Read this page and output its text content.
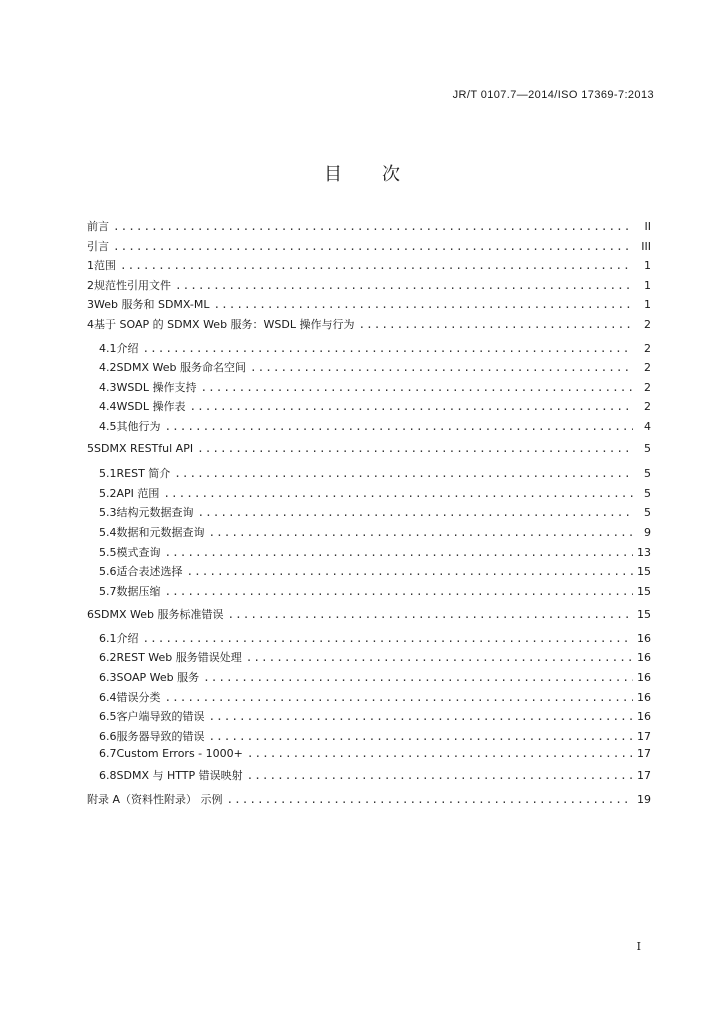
JR/T 0107.7—2014/ISO 17369-7:2013
目 次
前言 .....	II
引言 .....	III
1 范围 .....	1
2 规范性引用文件 .....	1
3 Web 服务和 SDMX-ML .....	1
4 基于 SOAP 的 SDMX Web 服务：WSDL 操作与行为 .....	2
4.1 介绍 .....	2
4.2 SDMX Web 服务命名空间 .....	2
4.3 WSDL 操作支持 .....	2
4.4 WSDL 操作表 .....	2
4.5 其他行为 .....	4
5 SDMX RESTful API .....	5
5.1 REST 简介 .....	5
5.2 API 范围 .....	5
5.3 结构元数据查询 .....	5
5.4 数据和元数据查询 .....	9
5.5 模式查询 .....	13
5.6 适合表述选择 .....	15
5.7 数据压缩 .....	15
6 SDMX Web 服务标准错误 .....	15
6.1 介绍 .....	16
6.2 REST Web 服务错误处理 .....	16
6.3 SOAP Web 服务 .....	16
6.4 错误分类 .....	16
6.5 客户端导致的错误 .....	16
6.6 服务器导致的错误 .....	17
6.7 Custom Errors - 1000+ .....	17
6.8 SDMX 与 HTTP 错误映射 .....	17
附录 A（资料性附录） 示例 .....	19
I
